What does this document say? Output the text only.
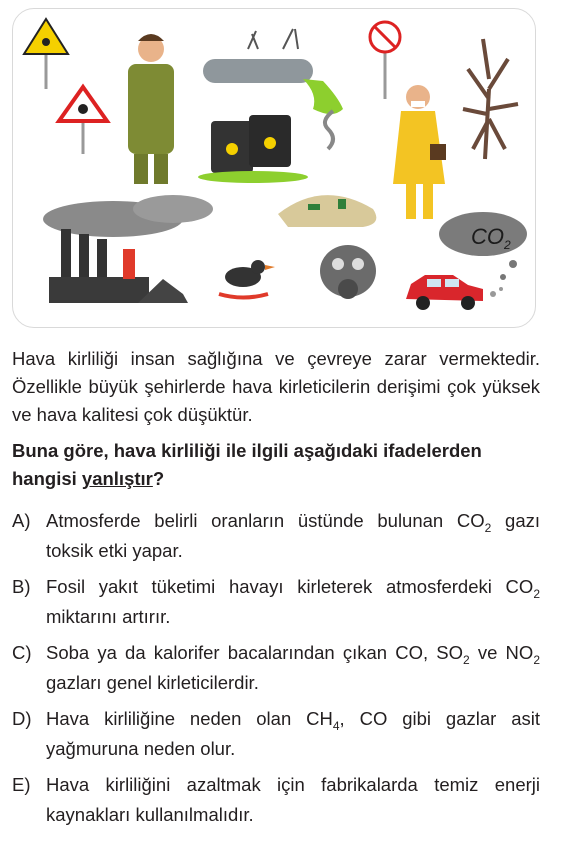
$CO_2$
Hava kirliliği insan sağlığına ve çevreye zarar vermektedir. Özellikle büyük şehirlerde hava kirleticilerin derişimi çok yüksek ve hava kalitesi çok düşüktür.
Buna göre, hava kirliliği ile ilgili aşağıdaki ifadelerden hangisi yanlıştır?
A) Atmosferde belirli oranların üstünde bulunan $CO_2$ gazı toksik etki yapar.
B) Fosil yakıt tüketimi havayı kirleterek atmosferdeki $CO_2$ miktarını artırır.
C) Soba ya da kalorifer bacalarından çıkan CO, $SO_2$ ve $NO_2$ gazları genel kirleticilerdir.
D) Hava kirliliğine neden olan $CH_4$, CO gibi gazlar asit yağmuruna neden olur.
E) Hava kirliliğini azaltmak için fabrikalarda temiz enerji kaynakları kullanılmalıdır.
